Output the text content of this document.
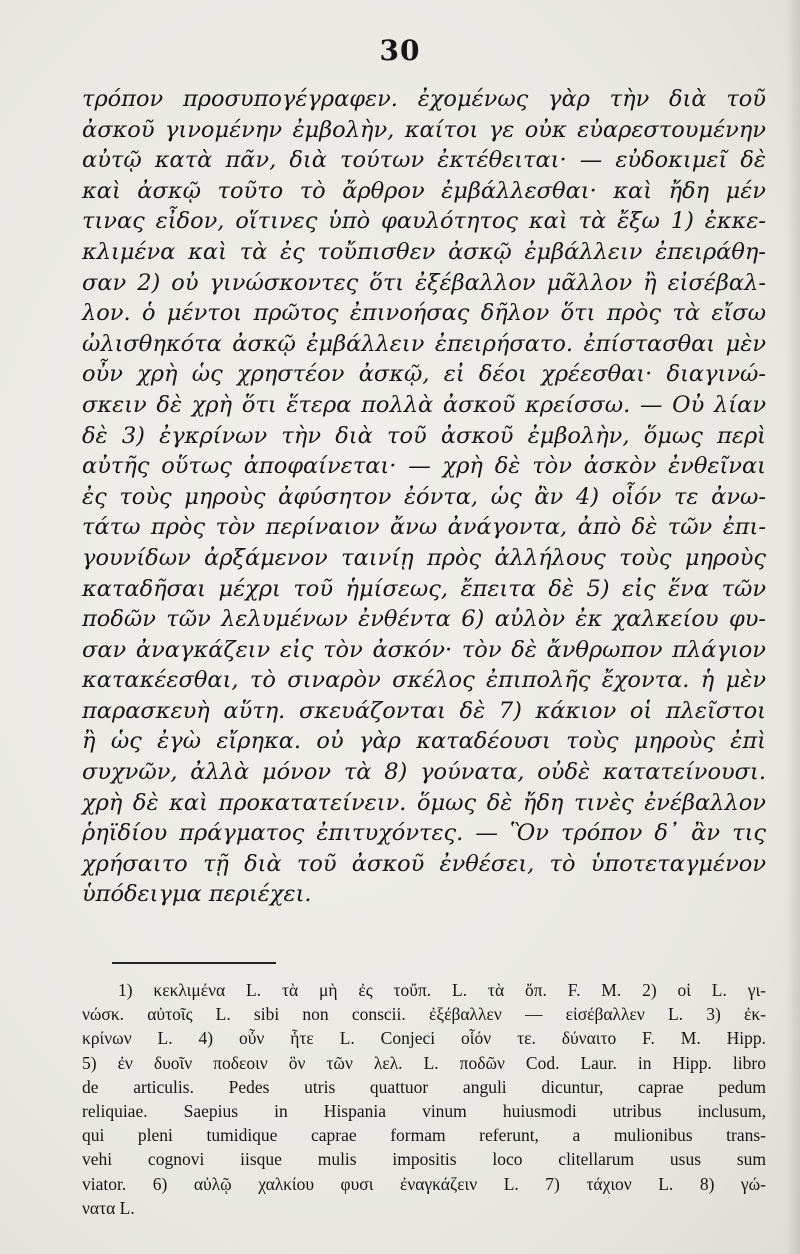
30
τρόπον προσυπογέγραφεν. ἐχομένως γὰρ τὴν διὰ τοῦ
ἀσκοῦ γινομένην ἐμβολὴν, καίτοι γε οὐκ εὐαρεστουμένην
αὐτῷ κατὰ πᾶν, διὰ τούτων ἐκτέθειται· — εὐδοκιμεῖ δὲ
καὶ ἀσκῷ τοῦτο τὸ ἄρθρον ἐμβάλλεσθαι· καὶ ἤδη μέν
τινας εἶδον, οἵτινες ὑπὸ φαυλότητος καὶ τὰ ἔξω 1) ἐκκε-
κλιμένα καὶ τὰ ἐς τοὔπισθεν ἀσκῷ ἐμβάλλειν ἐπειράθη-
σαν 2) οὐ γινώσκοντες ὅτι ἐξέβαλλον μᾶλλον ἢ εἰσέβαλ-
λον. ὁ μέντοι πρῶτος ἐπινοήσας δῆλον ὅτι πρὸς τὰ εἴσω
ὠλισθηκότα ἀσκῷ ἐμβάλλειν ἐπειρήσατο. ἐπίστασθαι μὲν
οὖν χρὴ ὡς χρηστέον ἀσκῷ, εἰ δέοι χρέεσθαι· διαγινώ-
σκειν δὲ χρὴ ὅτι ἕτερα πολλὰ ἀσκοῦ κρείσσω. — Οὐ λίαν
δὲ 3) ἐγκρίνων τὴν διὰ τοῦ ἀσκοῦ ἐμβολὴν, ὅμως περὶ
αὐτῆς οὕτως ἀποφαίνεται· — χρὴ δὲ τὸν ἀσκὸν ἐνθεῖναι
ἐς τοὺς μηροὺς ἀφύσητον ἐόντα, ὡς ἂν 4) οἷόν τε ἀνω-
τάτω πρὸς τὸν περίναιον ἄνω ἀνάγοντα, ἀπὸ δὲ τῶν ἐπι-
γουνίδων ἀρξάμενον ταινίῃ πρὸς ἀλλήλους τοὺς μηροὺς
καταδῆσαι μέχρι τοῦ ἡμίσεως, ἔπειτα δὲ 5) εἰς ἕνα τῶν
ποδῶν τῶν λελυμένων ἐνθέντα 6) αὐλὸν ἐκ χαλκείου φυ-
σαν ἀναγκάζειν εἰς τὸν ἀσκόν· τὸν δὲ ἄνθρωπον πλάγιον
κατακέεσθαι, τὸ σιναρὸν σκέλος ἐπιπολῆς ἔχοντα. ἡ μὲν
παρασκευὴ αὕτη. σκευάζονται δὲ 7) κάκιον οἱ πλεῖστοι
ἢ ὡς ἐγὼ εἴρηκα. οὐ γὰρ καταδέουσι τοὺς μηροὺς ἐπὶ
συχνῶν, ἀλλὰ μόνον τὰ 8) γούνατα, οὐδὲ κατατείνουσι.
χρὴ δὲ καὶ προκατατείνειν. ὅμως δὲ ἤδη τινὲς ἐνέβαλλον
ῥηϊδίου πράγματος ἐπιτυχόντες. — Ὃν τρόπον δ᾽ ἂν τις
χρήσαιτο τῇ διὰ τοῦ ἀσκοῦ ἐνθέσει, τὸ ὑποτεταγμένον
ὑπόδειγμα περιέχει.
1) κεκλιμένα L. τὰ μὴ ἐς τοὔπ. L. τὰ ὄπ. F. M. 2) οἱ L. γι-
νώσκ. αὐτοῖς L. sibi non conscii. ἐξέβαλλεν — εἰσέβαλλεν L. 3) ἐκ-
κρίνων L. 4) οὖν ἧτε L. Conjeci οἷόν τε. δύναιτο F. M. Hipp.
5) ἐν δυοῖν ποδεοιν ὃν τῶν λελ. L. ποδῶν Cod. Laur. in Hipp. libro
de articulis. Pedes utris quattuor anguli dicuntur, caprae pedum
reliquiae. Saepius in Hispania vinum huiusmodi utribus inclusum,
qui pleni tumidique caprae formam referunt, a mulionibus trans-
vehi cognovi iisque mulis impositis loco clitellarum usus sum
viator. 6) αὐλῷ χαλκίου φυσι ἐναγκάζειν L. 7) τάχιον L. 8) γώ-
νατα L.
